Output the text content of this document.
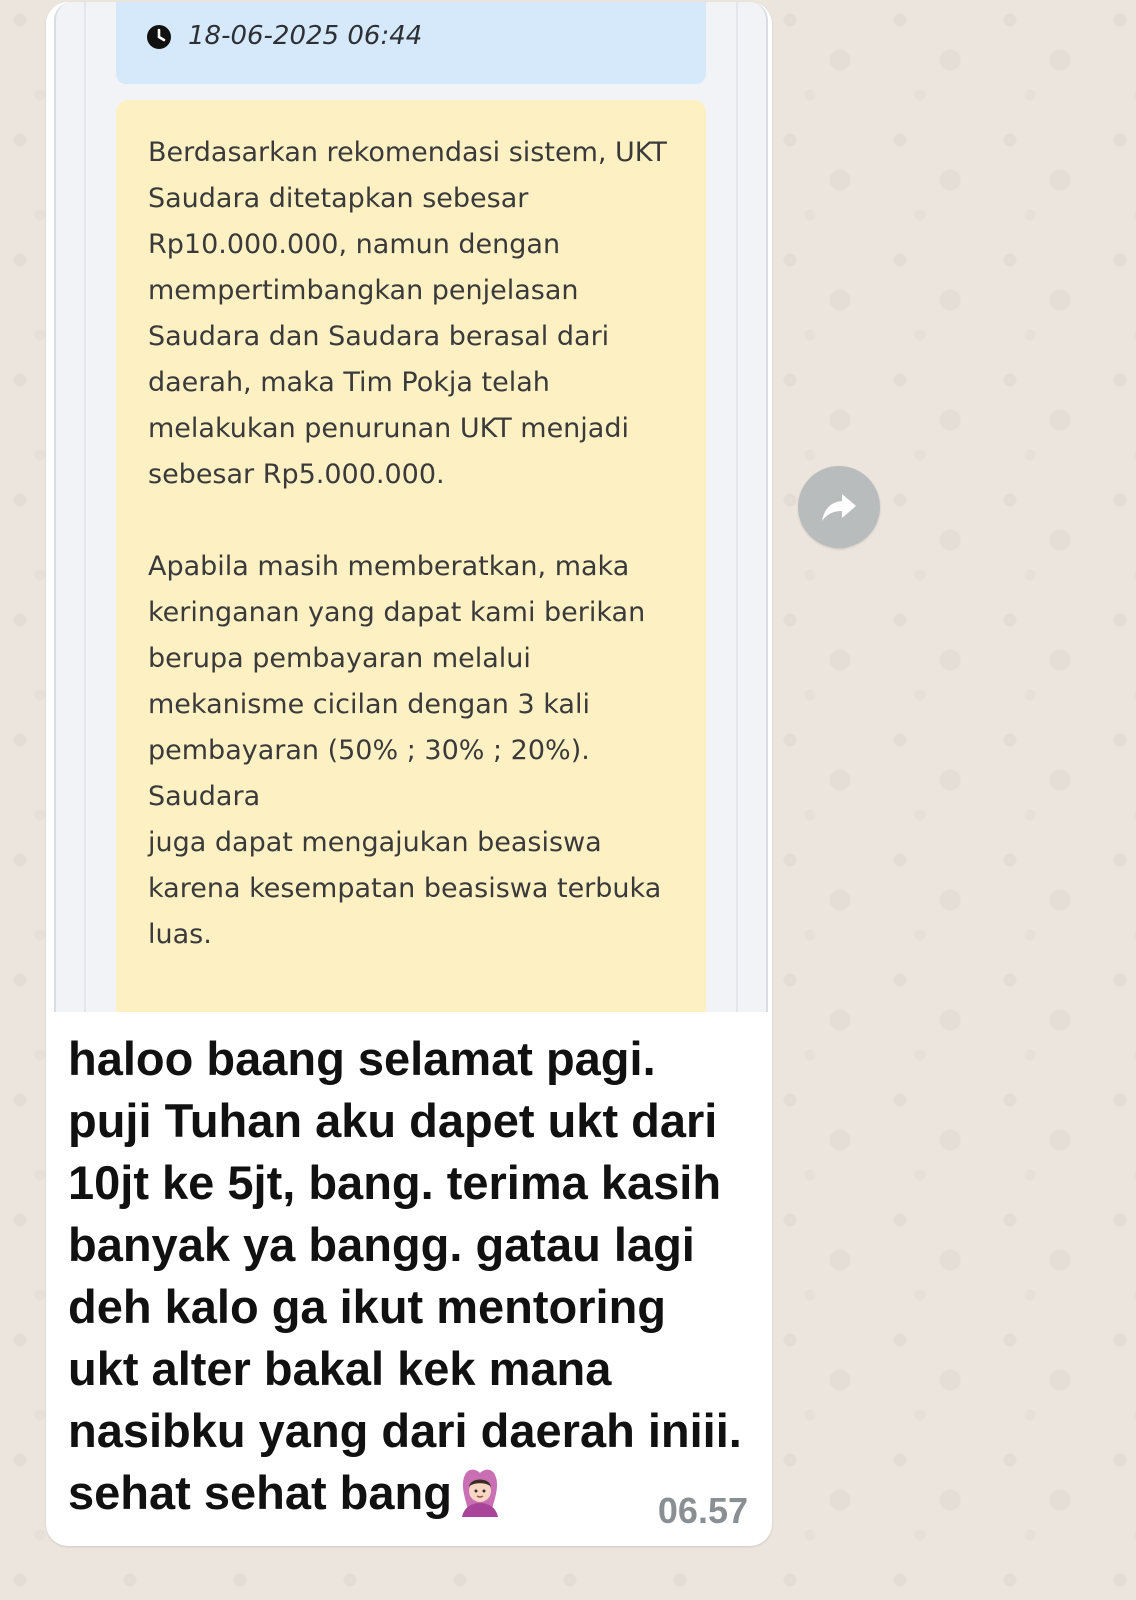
18-06-2025 06:44

Berdasarkan rekomendasi sistem, UKT
Saudara ditetapkan sebesar
Rp10.000.000, namun dengan
mempertimbangkan penjelasan
Saudara dan Saudara berasal dari
daerah, maka Tim Pokja telah
melakukan penurunan UKT menjadi
sebesar Rp5.000.000.

Apabila masih memberatkan, maka
keringanan yang dapat kami berikan
berupa pembayaran melalui
mekanisme cicilan dengan 3 kali
pembayaran (50% ; 30% ; 20%). Saudara
juga dapat mengajukan beasiswa
karena kesempatan beasiswa terbuka
luas.

haloo baang selamat pagi.
puji Tuhan aku dapet ukt dari
10jt ke 5jt, bang. terima kasih
banyak ya bangg. gatau lagi
deh kalo ga ikut mentoring
ukt alter bakal kek mana
nasibku yang dari daerah iniii.
sehat sehat bang	06.57
